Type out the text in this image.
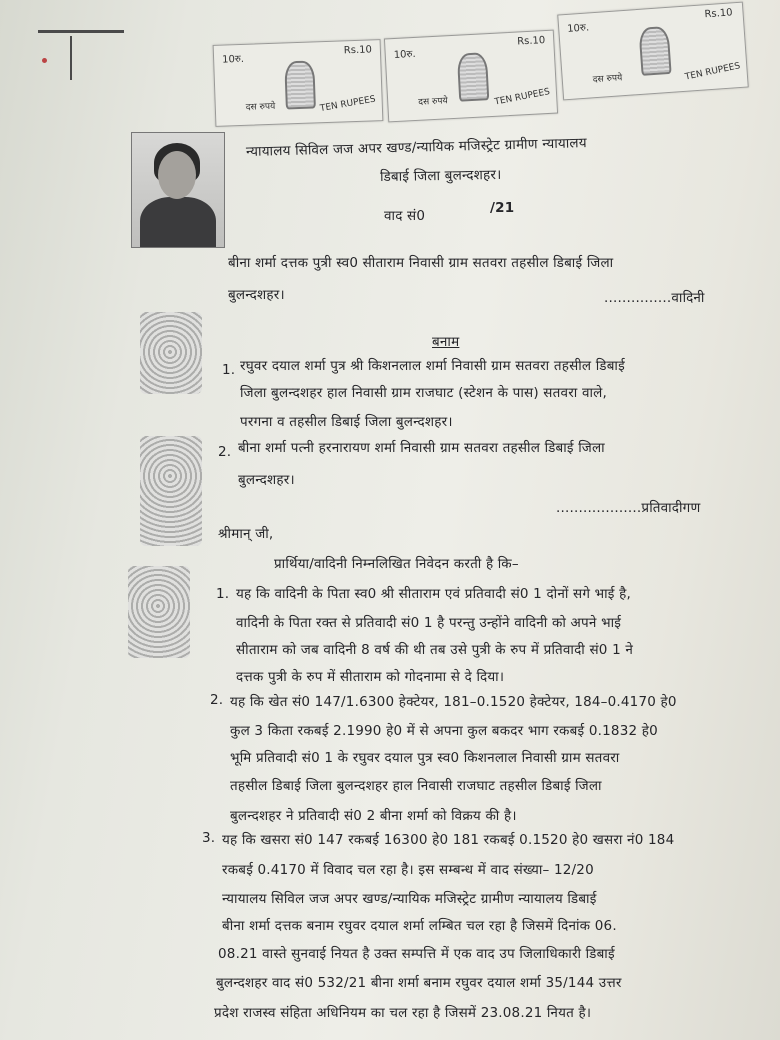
10रु.
Rs.10
दस रुपये	TEN RUPEES
10रु.
Rs.10
दस रुपये	TEN RUPEES
10रु.
Rs.10
दस रुपये	TEN RUPEES
न्यायालय सिविल जज अपर खण्ड/न्यायिक मजिस्ट्रेट ग्रामीण न्यायालय
डिबाई जिला बुलन्दशहर।
वाद सं0	/21
बीना शर्मा दत्तक पुत्री स्व0 सीताराम निवासी ग्राम सतवरा तहसील डिबाई जिला
बुलन्दशहर।	...............वादिनी
बनाम
1. रघुवर दयाल शर्मा पुत्र श्री किशनलाल शर्मा निवासी ग्राम सतवरा तहसील डिबाई
जिला बुलन्दशहर हाल निवासी ग्राम राजघाट (स्टेशन के पास) सतवरा वाले,
परगना व तहसील डिबाई जिला बुलन्दशहर।
2. बीना शर्मा पत्नी हरनारायण शर्मा निवासी ग्राम सतवरा तहसील डिबाई जिला
बुलन्दशहर।
...................प्रतिवादीगण
श्रीमान् जी,
प्रार्थिया/वादिनी निम्नलिखित निवेदन करती है कि–
1. यह कि वादिनी के पिता स्व0 श्री सीताराम एवं प्रतिवादी सं0 1 दोनों सगे भाई है,
वादिनी के पिता रक्त से प्रतिवादी सं0 1 है परन्तु उन्होंने वादिनी को अपने भाई
सीताराम को जब वादिनी 8 वर्ष की थी तब उसे पुत्री के रुप में प्रतिवादी सं0 1 ने
दत्तक पुत्री के रुप में सीताराम को गोदनामा से दे दिया।
2. यह कि खेत सं0 147/1.6300 हेक्टेयर, 181–0.1520 हेक्टेयर, 184–0.4170 हे0
कुल 3 किता रकबई 2.1990 हे0 में से अपना कुल बकदर भाग रकबई 0.1832 हे0
भूमि प्रतिवादी सं0 1 के रघुवर दयाल पुत्र स्व0 किशनलाल निवासी ग्राम सतवरा
तहसील डिबाई जिला बुलन्दशहर हाल निवासी राजघाट तहसील डिबाई जिला
बुलन्दशहर ने प्रतिवादी सं0 2 बीना शर्मा को विक्रय की है।
3. यह कि खसरा सं0 147 रकबई 16300 हे0 181 रकबई 0.1520 हे0 खसरा नं0 184
रकबई 0.4170 में विवाद चल रहा है। इस सम्बन्ध में वाद संख्या– 12/20
न्यायालय सिविल जज अपर खण्ड/न्यायिक मजिस्ट्रेट ग्रामीण न्यायालय डिबाई
बीना शर्मा दत्तक बनाम रघुवर दयाल शर्मा लम्बित चल रहा है जिसमें दिनांक 06.
08.21 वास्ते सुनवाई नियत है उक्त सम्पत्ति में एक वाद उप जिलाधिकारी डिबाई
बुलन्दशहर वाद सं0 532/21 बीना शर्मा बनाम रघुवर दयाल शर्मा 35/144 उत्तर
प्रदेश राजस्व संहिता अधिनियम का चल रहा है जिसमें 23.08.21 नियत है।
